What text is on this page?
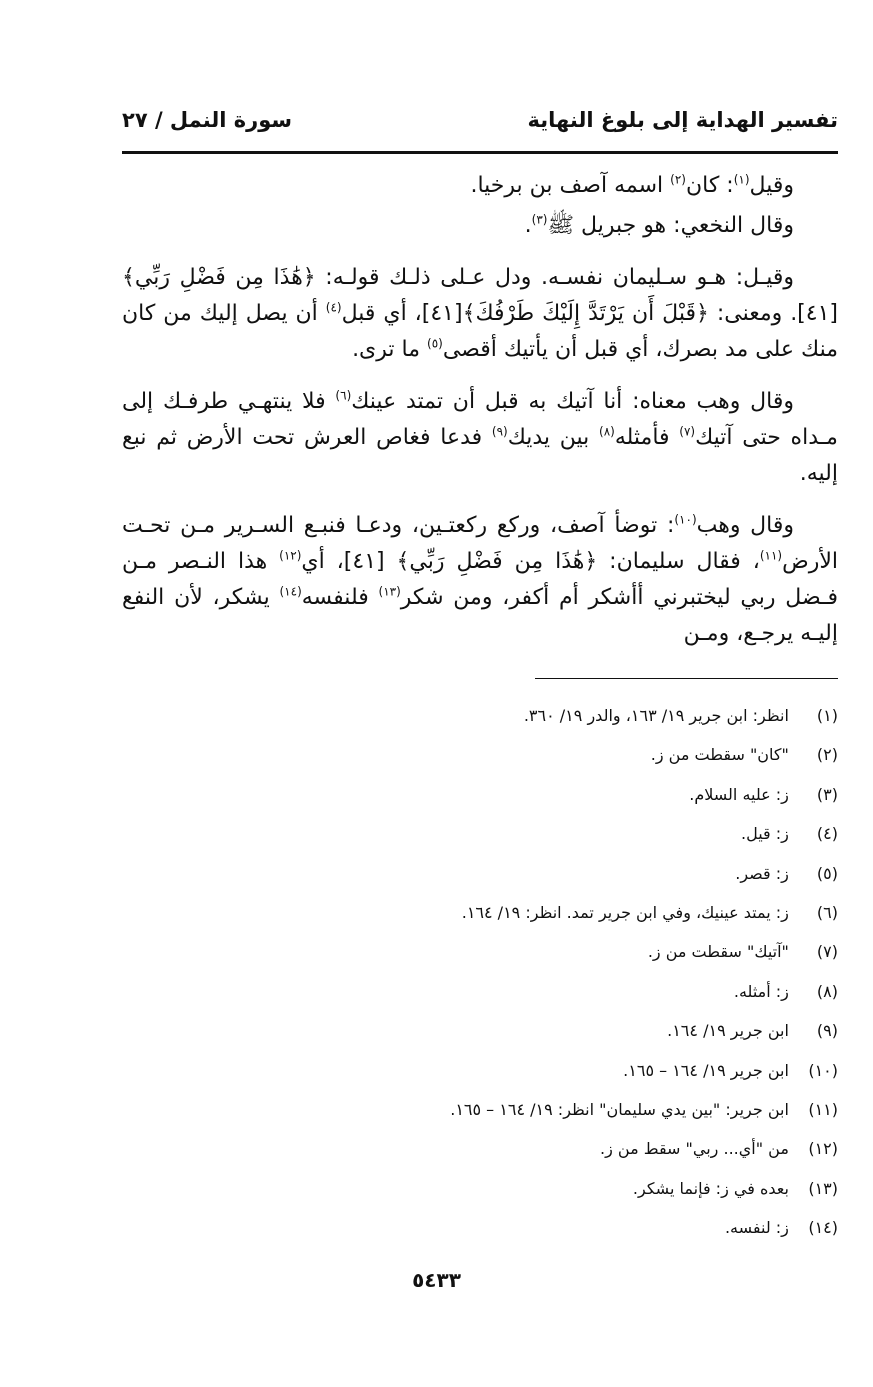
تفسير الهداية إلى بلوغ النهاية
سورة النمل / ٢٧

وقيل$^{(١)}$: كان$^{(٢)}$ اسمه آصف بن برخيا.

وقال النخعي: هو جبريل ﷺ$^{(٣)}$.

وقيـل: هـو سـليمان نفسـه. ودل عـلى ذلـك قولـه: ﴿هَٰذَا مِن فَضْلِ رَبِّي﴾[٤١]. ومعنى: ﴿قَبْلَ أَن يَرْتَدَّ إِلَيْكَ طَرْفُكَ﴾[٤١]، أي قبل$^{(٤)}$ أن يصل إليك من كان منك على مد بصرك، أي قبل أن يأتيك أقصى$^{(٥)}$ ما ترى.

وقال وهب معناه: أنا آتيك به قبل أن تمتد عينك$^{(٦)}$ فلا ينتهـي طرفـك إلى مـداه حتى آتيك$^{(٧)}$ فأمثله$^{(٨)}$ بين يديك$^{(٩)}$ فدعا فغاص العرش تحت الأرض ثم نبع إليه.

وقال وهب$^{(١٠)}$: توضأ آصف، وركع ركعتـين، ودعـا فنبـع السـرير مـن تحـت الأرض$^{(١١)}$، فقال سليمان: ﴿هَٰذَا مِن فَضْلِ رَبِّي﴾ [٤١]، أي$^{(١٢)}$ هذا النـصر مـن فـضل ربي ليختبرني أأشكر أم أكفر، ومن شكر$^{(١٣)}$ فلنفسه$^{(١٤)}$ يشكر، لأن النفع إليـه يرجـع، ومـن

(١) انظر: ابن جرير ١٩/ ١٦٣، والدر ١٩/ ٣٦٠.
(٢) "كان" سقطت من ز.
(٣) ز: عليه السلام.
(٤) ز: قيل.
(٥) ز: قصر.
(٦) ز: يمتد عينيك، وفي ابن جرير تمد. انظر: ١٩/ ١٦٤.
(٧) "آتيك" سقطت من ز.
(٨) ز: أمثله.
(٩) ابن جرير ١٩/ ١٦٤.
(١٠) ابن جرير ١٩/ ١٦٤ – ١٦٥.
(١١) ابن جرير: "بين يدي سليمان" انظر: ١٩/ ١٦٤ – ١٦٥.
(١٢) من "أي... ربي" سقط من ز.
(١٣) بعده في ز: فإنما يشكر.
(١٤) ز: لنفسه.
٥٤٣٣
